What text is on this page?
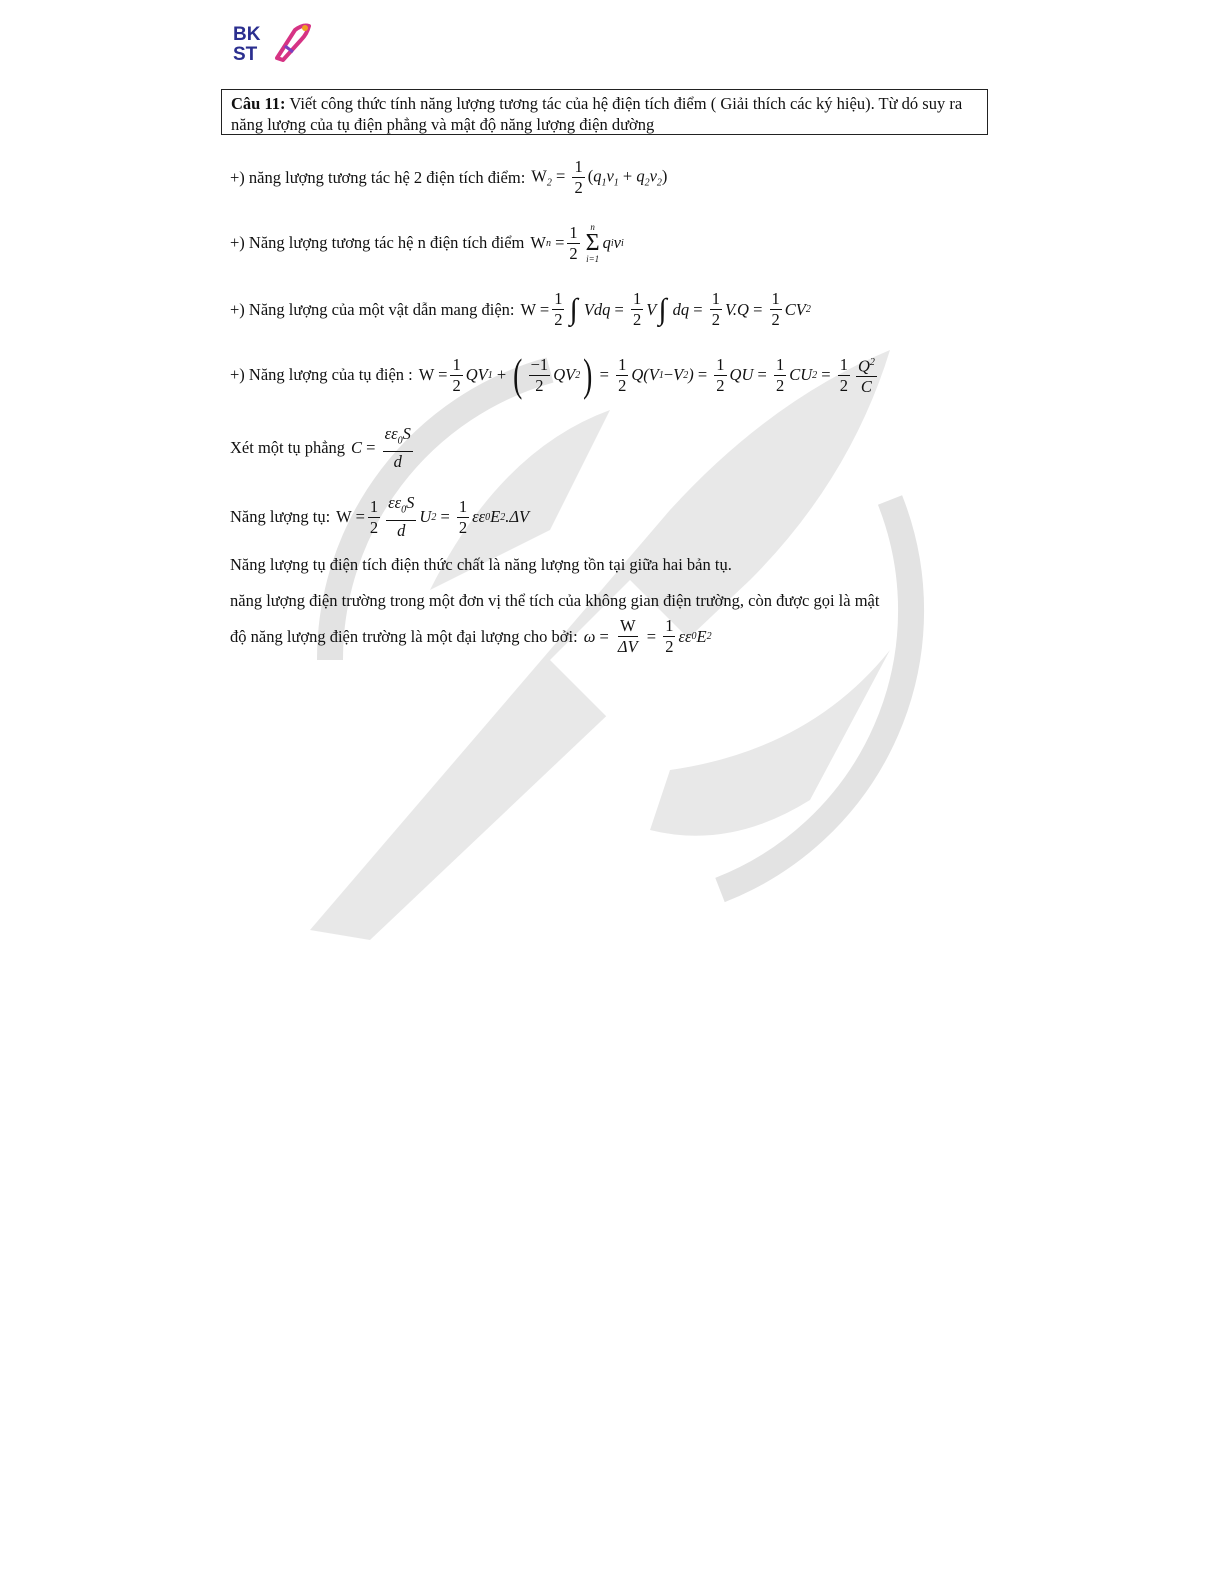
BK
ST
Câu 11: Viết công thức tính năng lượng tương tác của hệ điện tích điểm ( Giải thích các ký hiệu). Từ dó suy ra năng lượng của tụ điện phẳng và mật độ năng lượng điện dường
+) năng lượng tương tác hệ 2 điện tích điểm: $W_2 = \frac{1}{2} (q_1v_1 + q_2v_2)$
+) Năng lượng tương tác hệ n điện tích điểm W n
= $\frac{1}{2}$ n
Σ
i=1
q i v i
+) Năng lượng của một vật dẫn mang điện: $W = \frac{1}{2}$ ∫ Vdq = $\frac{1}{2}$ V ∫ dq = $\frac{1}{2} V.Q = \frac{1}{2}$ CV 2
+) Năng lượng của tụ điện : $W = \frac{1}{2}$ QV 1 + ( $\frac{-1}{2}$ QV 2 ) = $\frac{1}{2} Q(V$ 1 − V 2 ) = $\frac{1}{2}$ QU = $\frac{1}{2}$ CU $2 = \frac{1}{2} \frac{Q^2}{C}$
Xét một tụ phẳng $C = \frac{\varepsilon\varepsilon_0S}{d}$
Năng lượng tụ: $W = \frac{1}{2} \frac{\varepsilon\varepsilon_0S}{d}$ U $2 = \frac{1}{2}$ εε 0 E 2 .ΔV
Năng lượng tụ điện tích điện thức chất là năng lượng tồn tại giữa hai bản tụ.
năng lượng điện trường trong một đơn vị thể tích của không gian điện trường, còn được gọi là mật
độ năng lượng điện trường là một đại lượng cho bởi: $\omega = \frac{W}{\Delta V} = \frac{1}{2}$ εε 0 E 2
